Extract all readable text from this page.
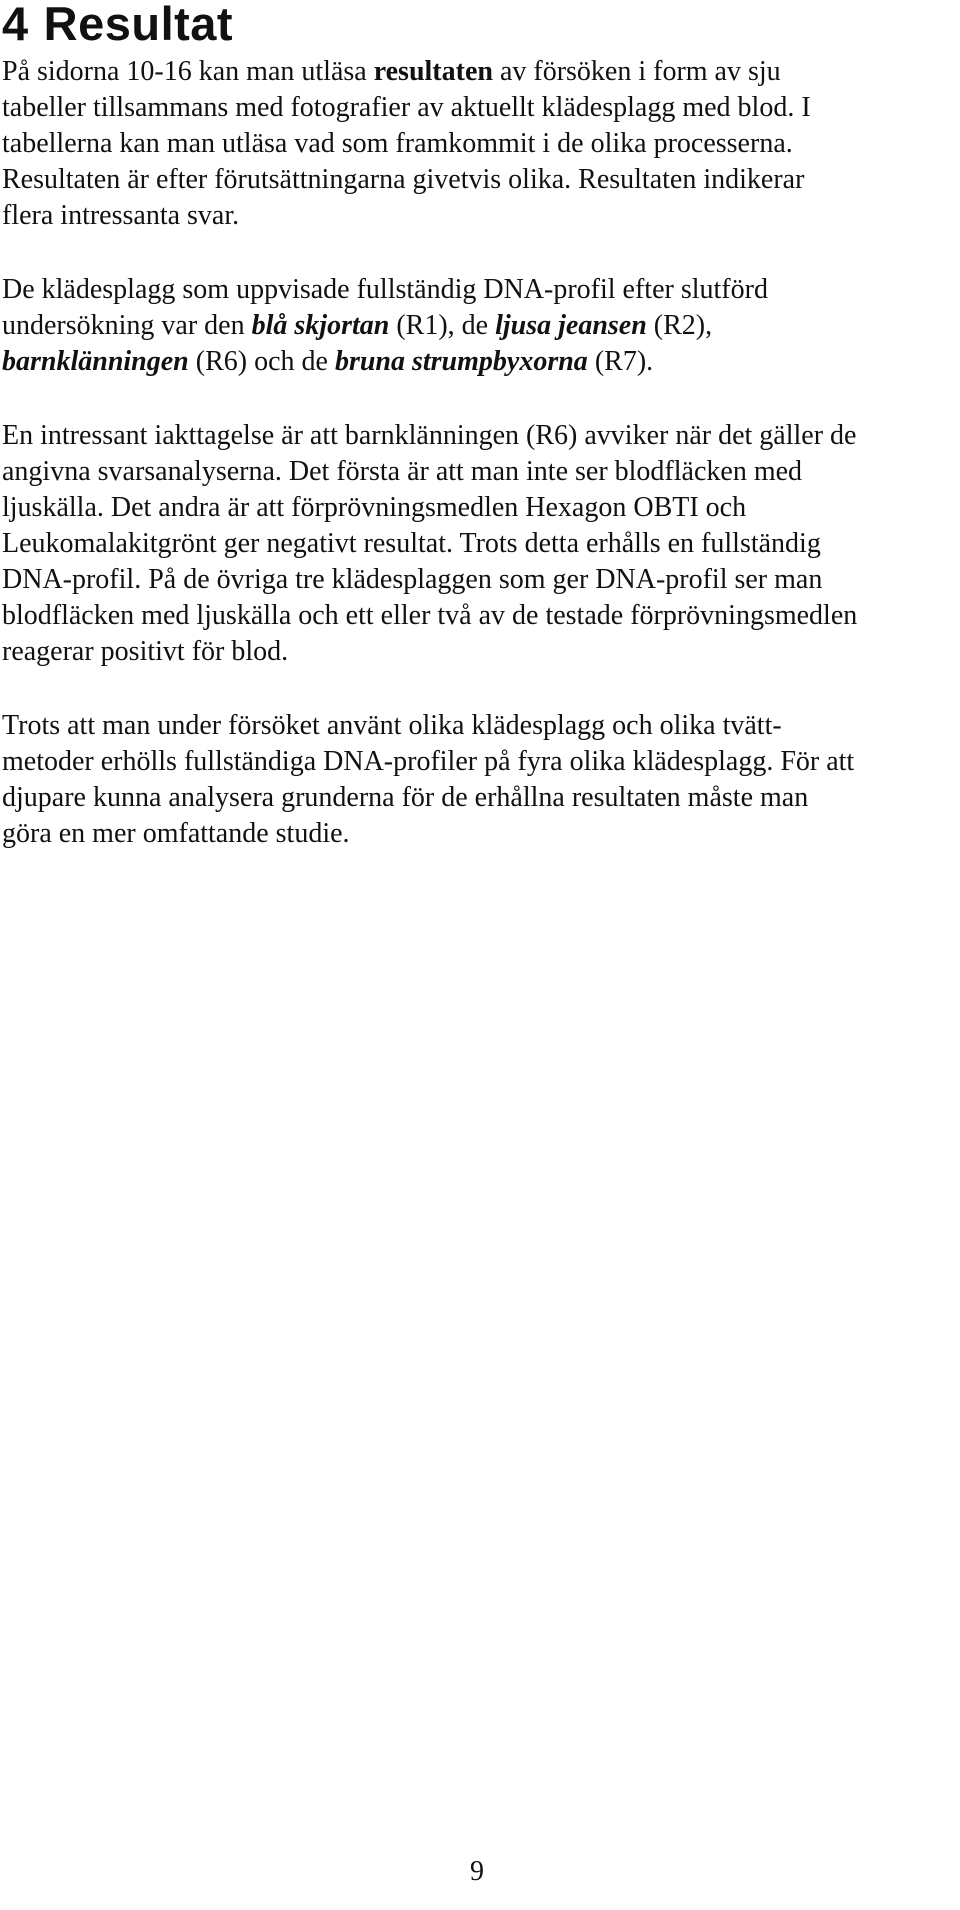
4 Resultat

På sidorna 10-16 kan man utläsa resultaten av försöken i form av sju
tabeller tillsammans med fotografier av aktuellt klädesplagg med blod. I
tabellerna kan man utläsa vad som framkommit i de olika processerna.
Resultaten är efter förutsättningarna givetvis olika. Resultaten indikerar
flera intressanta svar.

De klädesplagg som uppvisade fullständig DNA-profil efter slutförd
undersökning var den blå skjortan (R1), de ljusa jeansen (R2),
barnklänningen (R6) och de bruna strumpbyxorna (R7).

En intressant iakttagelse är att barnklänningen (R6) avviker när det gäller de
angivna svarsanalyserna. Det första är att man inte ser blodfläcken med
ljuskälla. Det andra är att förprövningsmedlen Hexagon OBTI och
Leukomalakitgrönt ger negativt resultat. Trots detta erhålls en fullständig
DNA-profil. På de övriga tre klädesplaggen som ger DNA-profil ser man
blodfläcken med ljuskälla och ett eller två av de testade förprövningsmedlen
reagerar positivt för blod.

Trots att man under försöket använt olika klädesplagg och olika tvätt-
metoder erhölls fullständiga DNA-profiler på fyra olika klädesplagg. För att
djupare kunna analysera grunderna för de erhållna resultaten måste man
göra en mer omfattande studie.

9
